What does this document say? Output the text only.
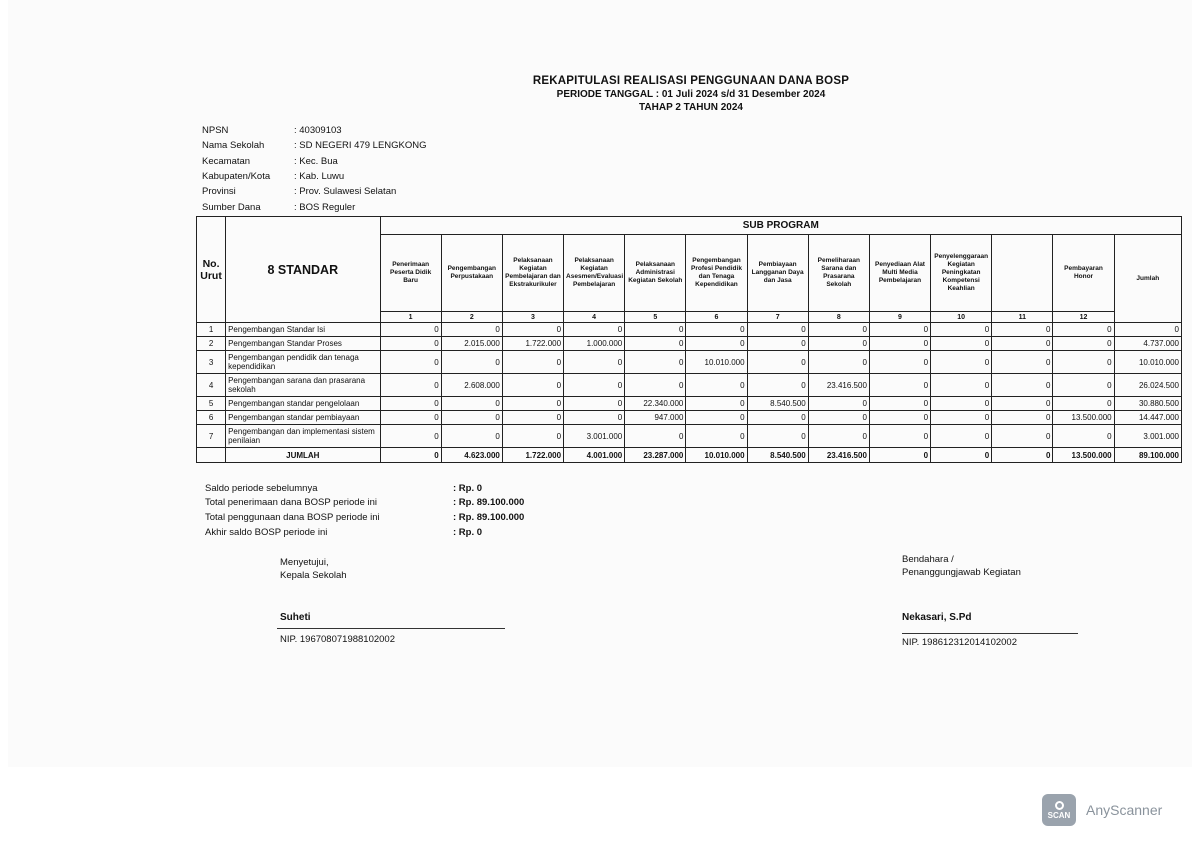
REKAPITULASI REALISASI PENGGUNAAN DANA BOSP
PERIODE TANGGAL : 01 Juli 2024 s/d 31 Desember 2024
TAHAP 2 TAHUN 2024
NPSN	: 40309103
Nama Sekolah	: SD NEGERI 479 LENGKONG
Kecamatan	: Kec. Bua
Kabupaten/Kota	: Kab. Luwu
Provinsi	: Prov. Sulawesi Selatan
Sumber Dana	: BOS Reguler
No. Urut	8 STANDAR	SUB PROGRAM												
		Penerimaan Peserta Didik Baru	Pengembangan Perpustakaan	Pelaksanaan Kegiatan Pembelajaran dan Ekstrakurikuler	Pelaksanaan Kegiatan Asesmen/Evaluasi Pembelajaran	Pelaksanaan Administrasi Kegiatan Sekolah	Pengembangan Profesi Pendidik dan Tenaga Kependidikan	Pembiayaan Langganan Daya dan Jasa	Pemeliharaan Sarana dan Prasarana Sekolah	Penyediaan Alat Multi Media Pembelajaran	Penyelenggaraan Kegiatan Peningkatan Kompetensi Keahlian		Pembayaran Honor	Jumlah
		1	2	3	4	5	6	7	8	9	10	11	12	
1	Pengembangan Standar Isi	0	0	0	0	0	0	0	0	0	0	0	0	0
2	Pengembangan Standar Proses	0	2.015.000	1.722.000	1.000.000	0	0	0	0	0	0	0	0	4.737.000
3	Pengembangan pendidik dan tenaga kependidikan	0	0	0	0	0	10.010.000	0	0	0	0	0	0	10.010.000
4	Pengembangan sarana dan prasarana sekolah	0	2.608.000	0	0	0	0	0	23.416.500	0	0	0	0	26.024.500
5	Pengembangan standar pengelolaan	0	0	0	0	22.340.000	0	8.540.500	0	0	0	0	0	30.880.500
6	Pengembangan standar pembiayaan	0	0	0	0	947.000	0	0	0	0	0	0	13.500.000	14.447.000
7	Pengembangan dan implementasi sistem penilaian	0	0	0	3.001.000	0	0	0	0	0	0	0	0	3.001.000
	JUMLAH	0	4.623.000	1.722.000	4.001.000	23.287.000	10.010.000	8.540.500	23.416.500	0	0	0	13.500.000	89.100.000
Saldo periode sebelumnya	: Rp. 0
Total penerimaan dana BOSP periode ini	: Rp. 89.100.000
Total penggunaan dana BOSP periode ini	: Rp. 89.100.000
Akhir saldo BOSP periode ini	: Rp. 0
Menyetujui,
Kepala Sekolah
Suheti
NIP. 196708071988102002
Bendahara /
Penanggungjawab Kegiatan
Nekasari, S.Pd
NIP. 198612312014102002
SCAN AnyScanner
